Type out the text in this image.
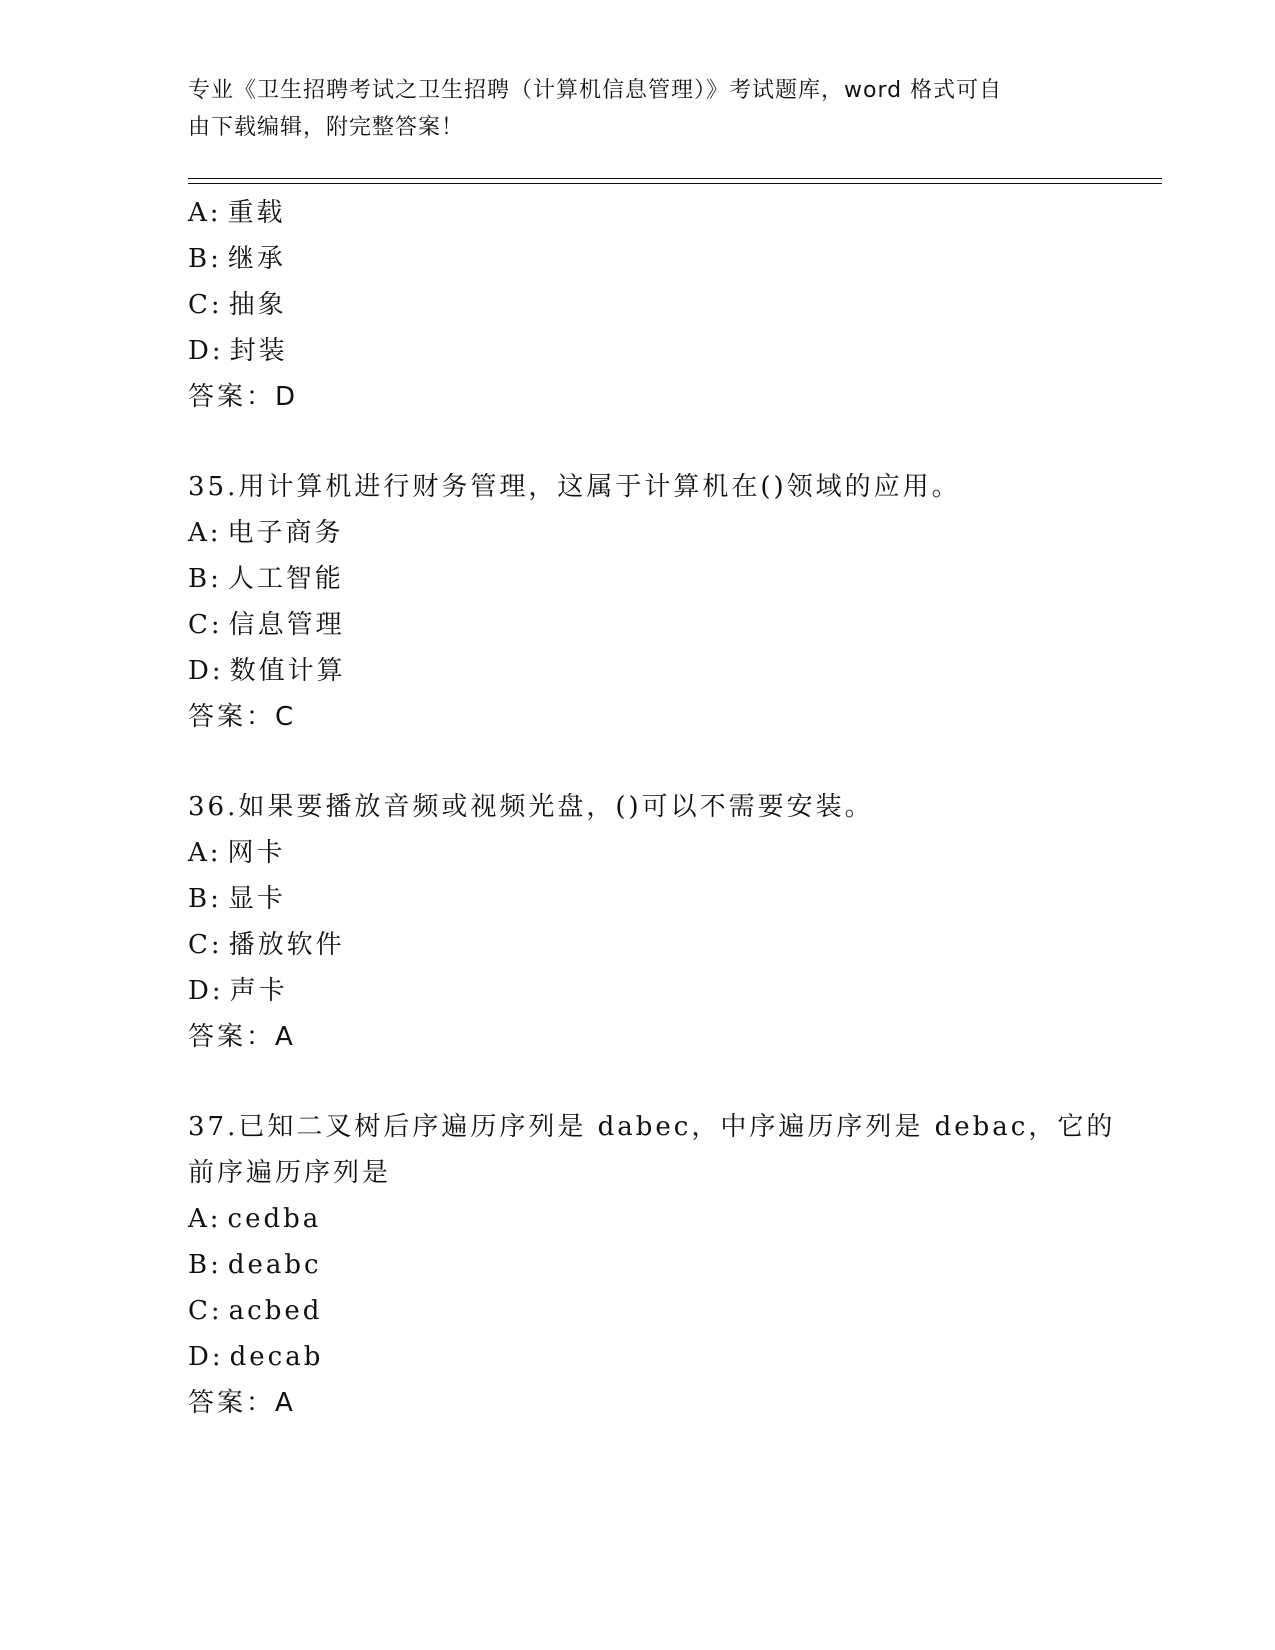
专业《卫生招聘考试之卫生招聘（计算机信息管理）》考试题库，word 格式可自
由下载编辑，附完整答案！
A: 重载
B: 继承
C: 抽象
D: 封装
答案：D
35.用计算机进行财务管理，这属于计算机在()领域的应用。
A: 电子商务
B: 人工智能
C: 信息管理
D: 数值计算
答案：C
36.如果要播放音频或视频光盘，()可以不需要安装。
A: 网卡
B: 显卡
C: 播放软件
D: 声卡
答案：A
37.已知二叉树后序遍历序列是 dabec，中序遍历序列是 debac，它的
前序遍历序列是
A: cedba
B: deabc
C: acbed
D: decab
答案：A
